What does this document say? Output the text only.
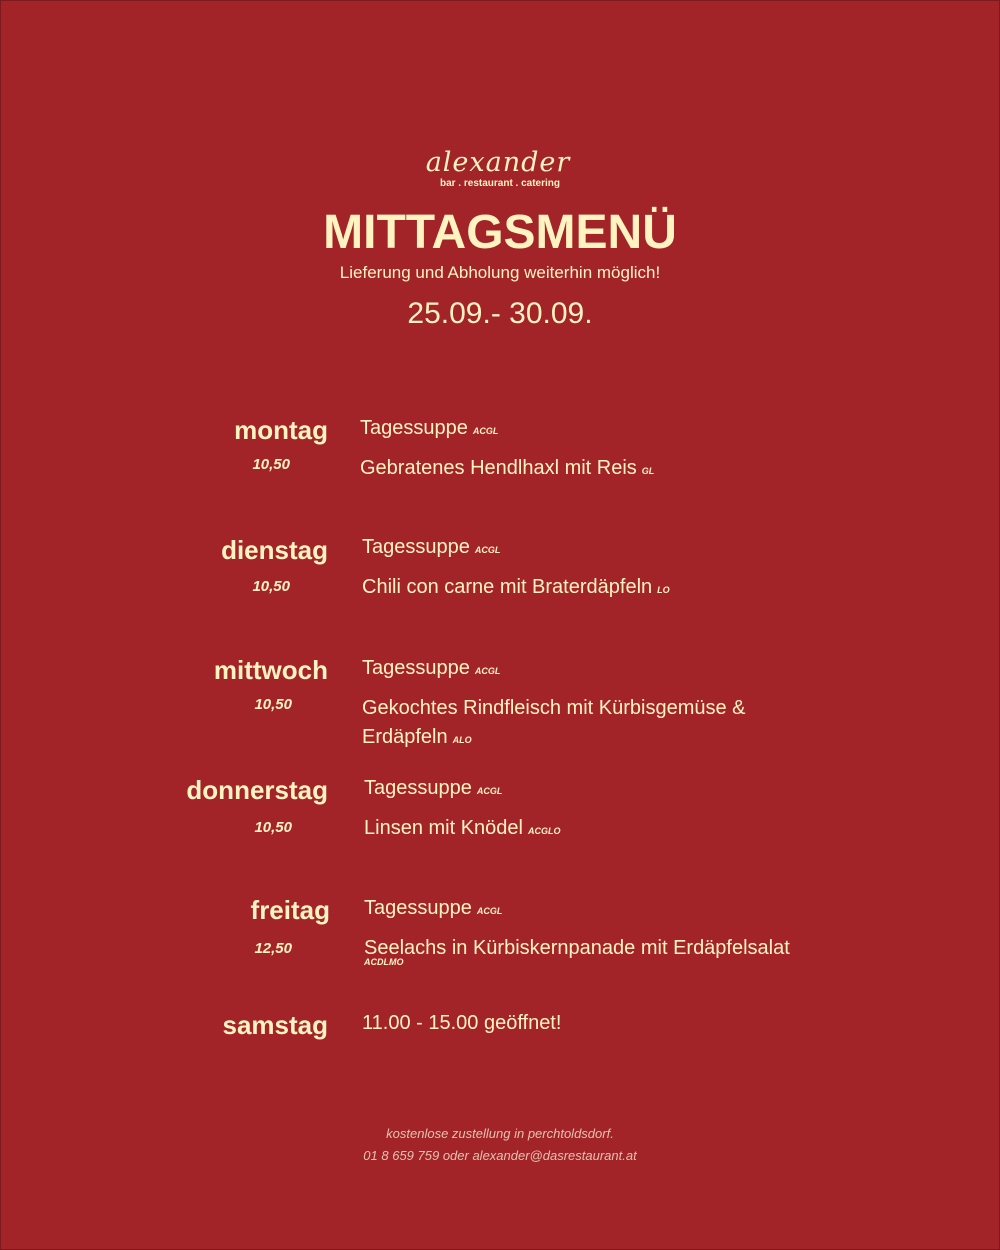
alexander
bar . restaurant . catering
MITTAGSMENÜ
Lieferung und Abholung weiterhin möglich!
25.09.- 30.09.
montag
10,50
Tagessuppe ACGL
Gebratenes Hendlhaxl mit Reis GL
dienstag
10,50
Tagessuppe ACGL
Chili con carne mit Braterdäpfeln LO
mittwoch
10,50
Tagessuppe ACGL
Gekochtes Rindfleisch mit Kürbisgemüse &
Erdäpfeln ALO
donnerstag
10,50
Tagessuppe ACGL
Linsen mit Knödel ACGLO
freitag
12,50
Tagessuppe ACGL
Seelachs in Kürbiskernpanade mit Erdäpfelsalat
ACDLMO
samstag 11.00 - 15.00 geöffnet!
kostenlose zustellung in perchtoldsdorf.
01 8 659 759 oder alexander@dasrestaurant.at
